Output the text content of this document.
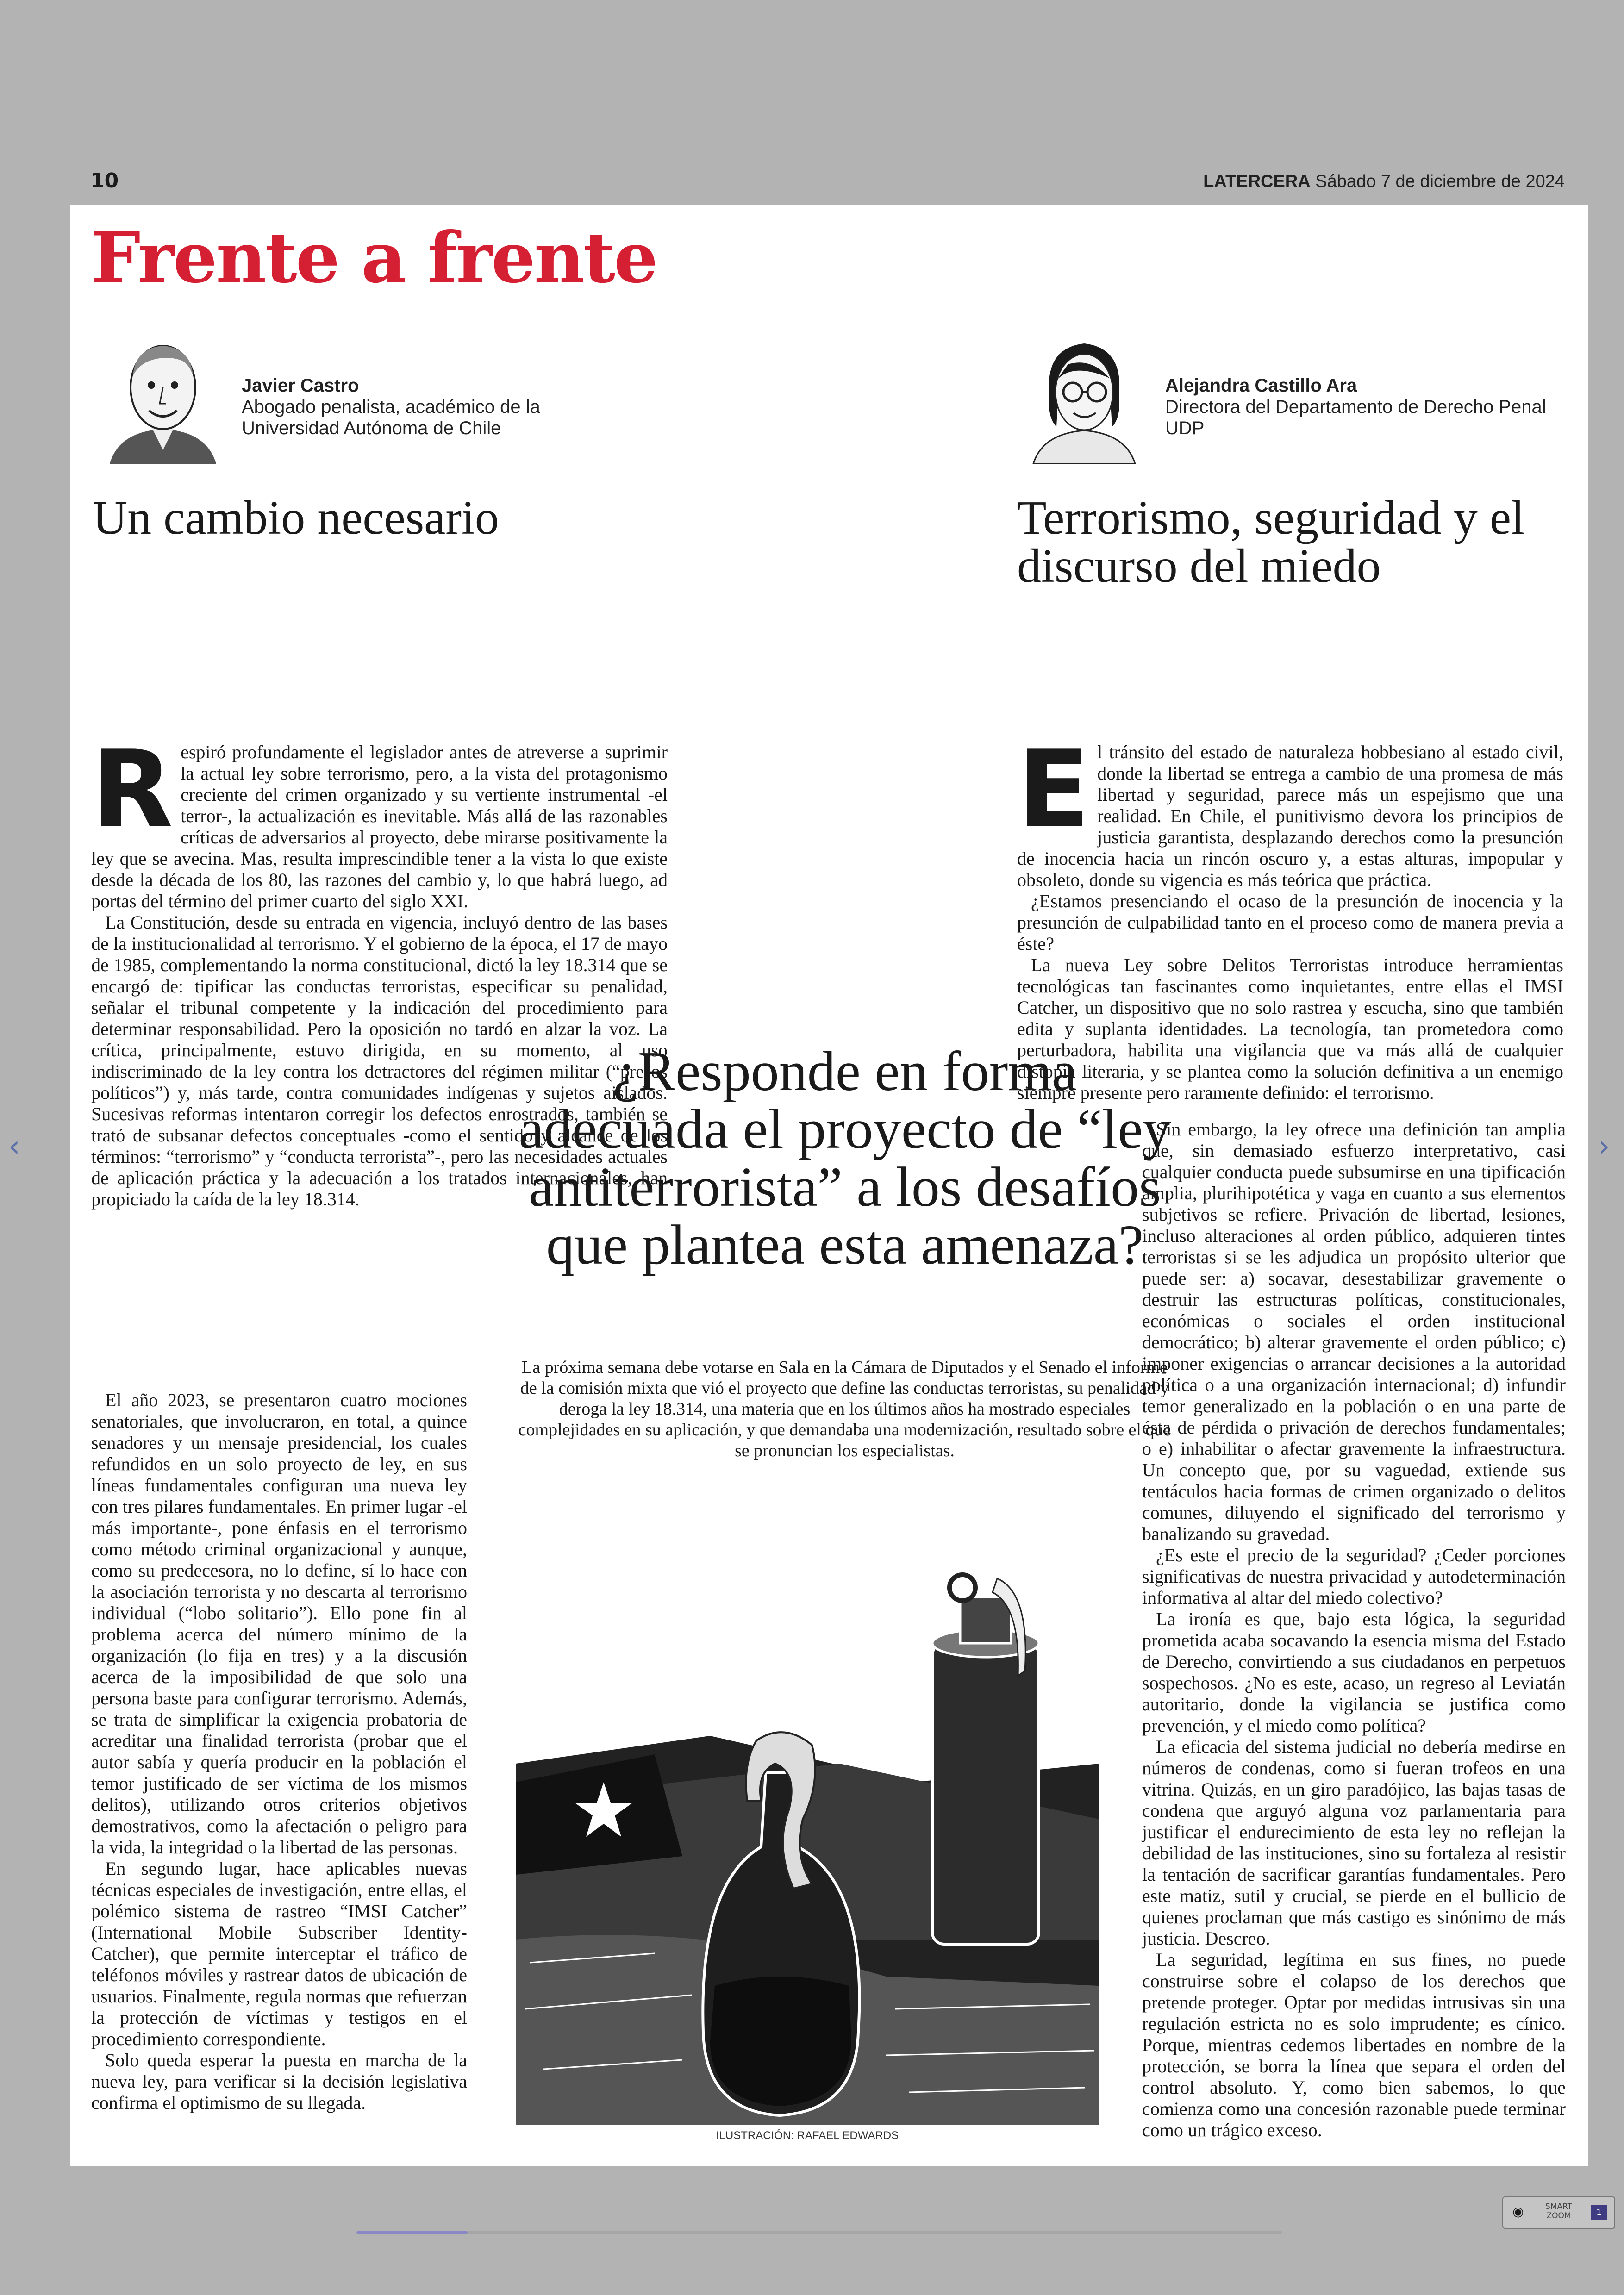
‹	›
10	LATERCERA Sábado 7 de diciembre de 2024
Frente a frente
Javier Castro
Abogado penalista, académico de la Universidad Autónoma de Chile
Un cambio necesario
Alejandra Castillo Ara
Directora del Departamento de Derecho Penal UDP
Terrorismo, seguridad y el discurso del miedo

Respiró profundamente el legislador antes de atreverse a suprimir la actual ley sobre terrorismo, pero, a la vista del protagonismo creciente del crimen organizado y su vertiente instrumental -el terror-, la actualización es inevitable. Más allá de las razonables críticas de adversarios al proyecto, debe mirarse positivamente la ley que se avecina. Mas, resulta imprescindible tener a la vista lo que existe desde la década de los 80, las razones del cambio y, lo que habrá luego, ad portas del término del primer cuarto del siglo XXI.

La Constitución, desde su entrada en vigencia, incluyó dentro de las bases de la institucionalidad al terrorismo. Y el gobierno de la época, el 17 de mayo de 1985, complementando la norma constitucional, dictó la ley 18.314 que se encargó de: tipificar las conductas terroristas, especificar su penalidad, señalar el tribunal competente y la indicación del procedimiento para determinar responsabilidad. Pero la oposición no tardó en alzar la voz. La crítica, principalmente, estuvo dirigida, en su momento, al uso indiscriminado de la ley contra los detractores del régimen militar (“presos políticos”) y, más tarde, contra comunidades indígenas y sujetos aislados. Sucesivas reformas intentaron corregir los defectos enrostrados, también se trató de subsanar defectos conceptuales -como el sentido y alcance de los términos: “terrorismo” y “conducta terrorista”-, pero las necesidades actuales de aplicación práctica y la adecuación a los tratados internacionales, han propiciado la caída de la ley 18.314.

El año 2023, se presentaron cuatro mociones senatoriales, que involucraron, en total, a quince senadores y un mensaje presidencial, los cuales refundidos en un solo proyecto de ley, en sus líneas fundamentales configuran una nueva ley con tres pilares fundamentales. En primer lugar -el más importante-, pone énfasis en el terrorismo como método criminal organizacional y aunque, como su predecesora, no lo define, sí lo hace con la asociación terrorista y no descarta al terrorismo individual (“lobo solitario”). Ello pone fin al problema acerca del número mínimo de la organización (lo fija en tres) y a la discusión acerca de la imposibilidad de que solo una persona baste para configurar terrorismo. Además, se trata de simplificar la exigencia probatoria de acreditar una finalidad terrorista (probar que el autor sabía y quería producir en la población el temor justificado de ser víctima de los mismos delitos), utilizando otros criterios objetivos demostrativos, como la afectación o peligro para la vida, la integridad o la libertad de las personas.

En segundo lugar, hace aplicables nuevas técnicas especiales de investigación, entre ellas, el polémico sistema de rastreo “IMSI Catcher” (International Mobile Subscriber Identity-Catcher), que permite interceptar el tráfico de teléfonos móviles y rastrear datos de ubicación de usuarios. Finalmente, regula normas que refuerzan la protección de víctimas y testigos en el procedimiento correspondiente.

Solo queda esperar la puesta en marcha de la nueva ley, para verificar si la decisión legislativa confirma el optimismo de su llegada.

El tránsito del estado de naturaleza hobbesiano al estado civil, donde la libertad se entrega a cambio de una promesa de más libertad y seguridad, parece más un espejismo que una realidad. En Chile, el punitivismo devora los principios de justicia garantista, desplazando derechos como la presunción de inocencia hacia un rincón oscuro y, a estas alturas, impopular y obsoleto, donde su vigencia es más teórica que práctica.

¿Estamos presenciando el ocaso de la presunción de inocencia y la presunción de culpabilidad tanto en el proceso como de manera previa a éste?

La nueva Ley sobre Delitos Terroristas introduce herramientas tecnológicas tan fascinantes como inquietantes, entre ellas el IMSI Catcher, un dispositivo que no solo rastrea y escucha, sino que también edita y suplanta identidades. La tecnología, tan prometedora como perturbadora, habilita una vigilancia que va más allá de cualquier distopía literaria, y se plantea como la solución definitiva a un enemigo siempre presente pero raramente definido: el terrorismo.

Sin embargo, la ley ofrece una definición tan amplia que, sin demasiado esfuerzo interpretativo, casi cualquier conducta puede subsumirse en una tipificación amplia, plurihipotética y vaga en cuanto a sus elementos subjetivos se refiere. Privación de libertad, lesiones, incluso alteraciones al orden público, adquieren tintes terroristas si se les adjudica un propósito ulterior que puede ser: a) socavar, desestabilizar gravemente o destruir las estructuras políticas, constitucionales, económicas o sociales el orden institucional democrático; b) alterar gravemente el orden público; c) imponer exigencias o arrancar decisiones a la autoridad política o a una organización internacional; d) infundir temor generalizado en la población o en una parte de ésta de pérdida o privación de derechos fundamentales; o e) inhabilitar o afectar gravemente la infraestructura. Un concepto que, por su vaguedad, extiende sus tentáculos hacia formas de crimen organizado o delitos comunes, diluyendo el significado del terrorismo y banalizando su gravedad.

¿Es este el precio de la seguridad? ¿Ceder porciones significativas de nuestra privacidad y autodeterminación informativa al altar del miedo colectivo?

La ironía es que, bajo esta lógica, la seguridad prometida acaba socavando la esencia misma del Estado de Derecho, convirtiendo a sus ciudadanos en perpetuos sospechosos. ¿No es este, acaso, un regreso al Leviatán autoritario, donde la vigilancia se justifica como prevención, y el miedo como política?

La eficacia del sistema judicial no debería medirse en números de condenas, como si fueran trofeos en una vitrina. Quizás, en un giro paradójico, las bajas tasas de condena que arguyó alguna voz parlamentaria para justificar el endurecimiento de esta ley no reflejan la debilidad de las instituciones, sino su fortaleza al resistir la tentación de sacrificar garantías fundamentales. Pero este matiz, sutil y crucial, se pierde en el bullicio de quienes proclaman que más castigo es sinónimo de más justicia. Descreo.

La seguridad, legítima en sus fines, no puede construirse sobre el colapso de los derechos que pretende proteger. Optar por medidas intrusivas sin una regulación estricta no es solo imprudente; es cínico. Porque, mientras cedemos libertades en nombre de la protección, se borra la línea que separa el orden del control absoluto. Y, como bien sabemos, lo que comienza como una concesión razonable puede terminar como un trágico exceso.

¿Responde en forma adecuada el proyecto de “ley antiterrorista” a los desafíos que plantea esta amenaza?
La próxima semana debe votarse en Sala en la Cámara de Diputados y el Senado el informe de la comisión mixta que vió el proyecto que define las conductas terroristas, su penalidad y deroga la ley 18.314, una materia que en los últimos años ha mostrado especiales complejidades en su aplicación, y que demandaba una modernización, resultado sobre el que se pronuncian los especialistas.
ILUSTRACIÓN: RAFAEL EDWARDS
◉	SMART ZOOM	1
